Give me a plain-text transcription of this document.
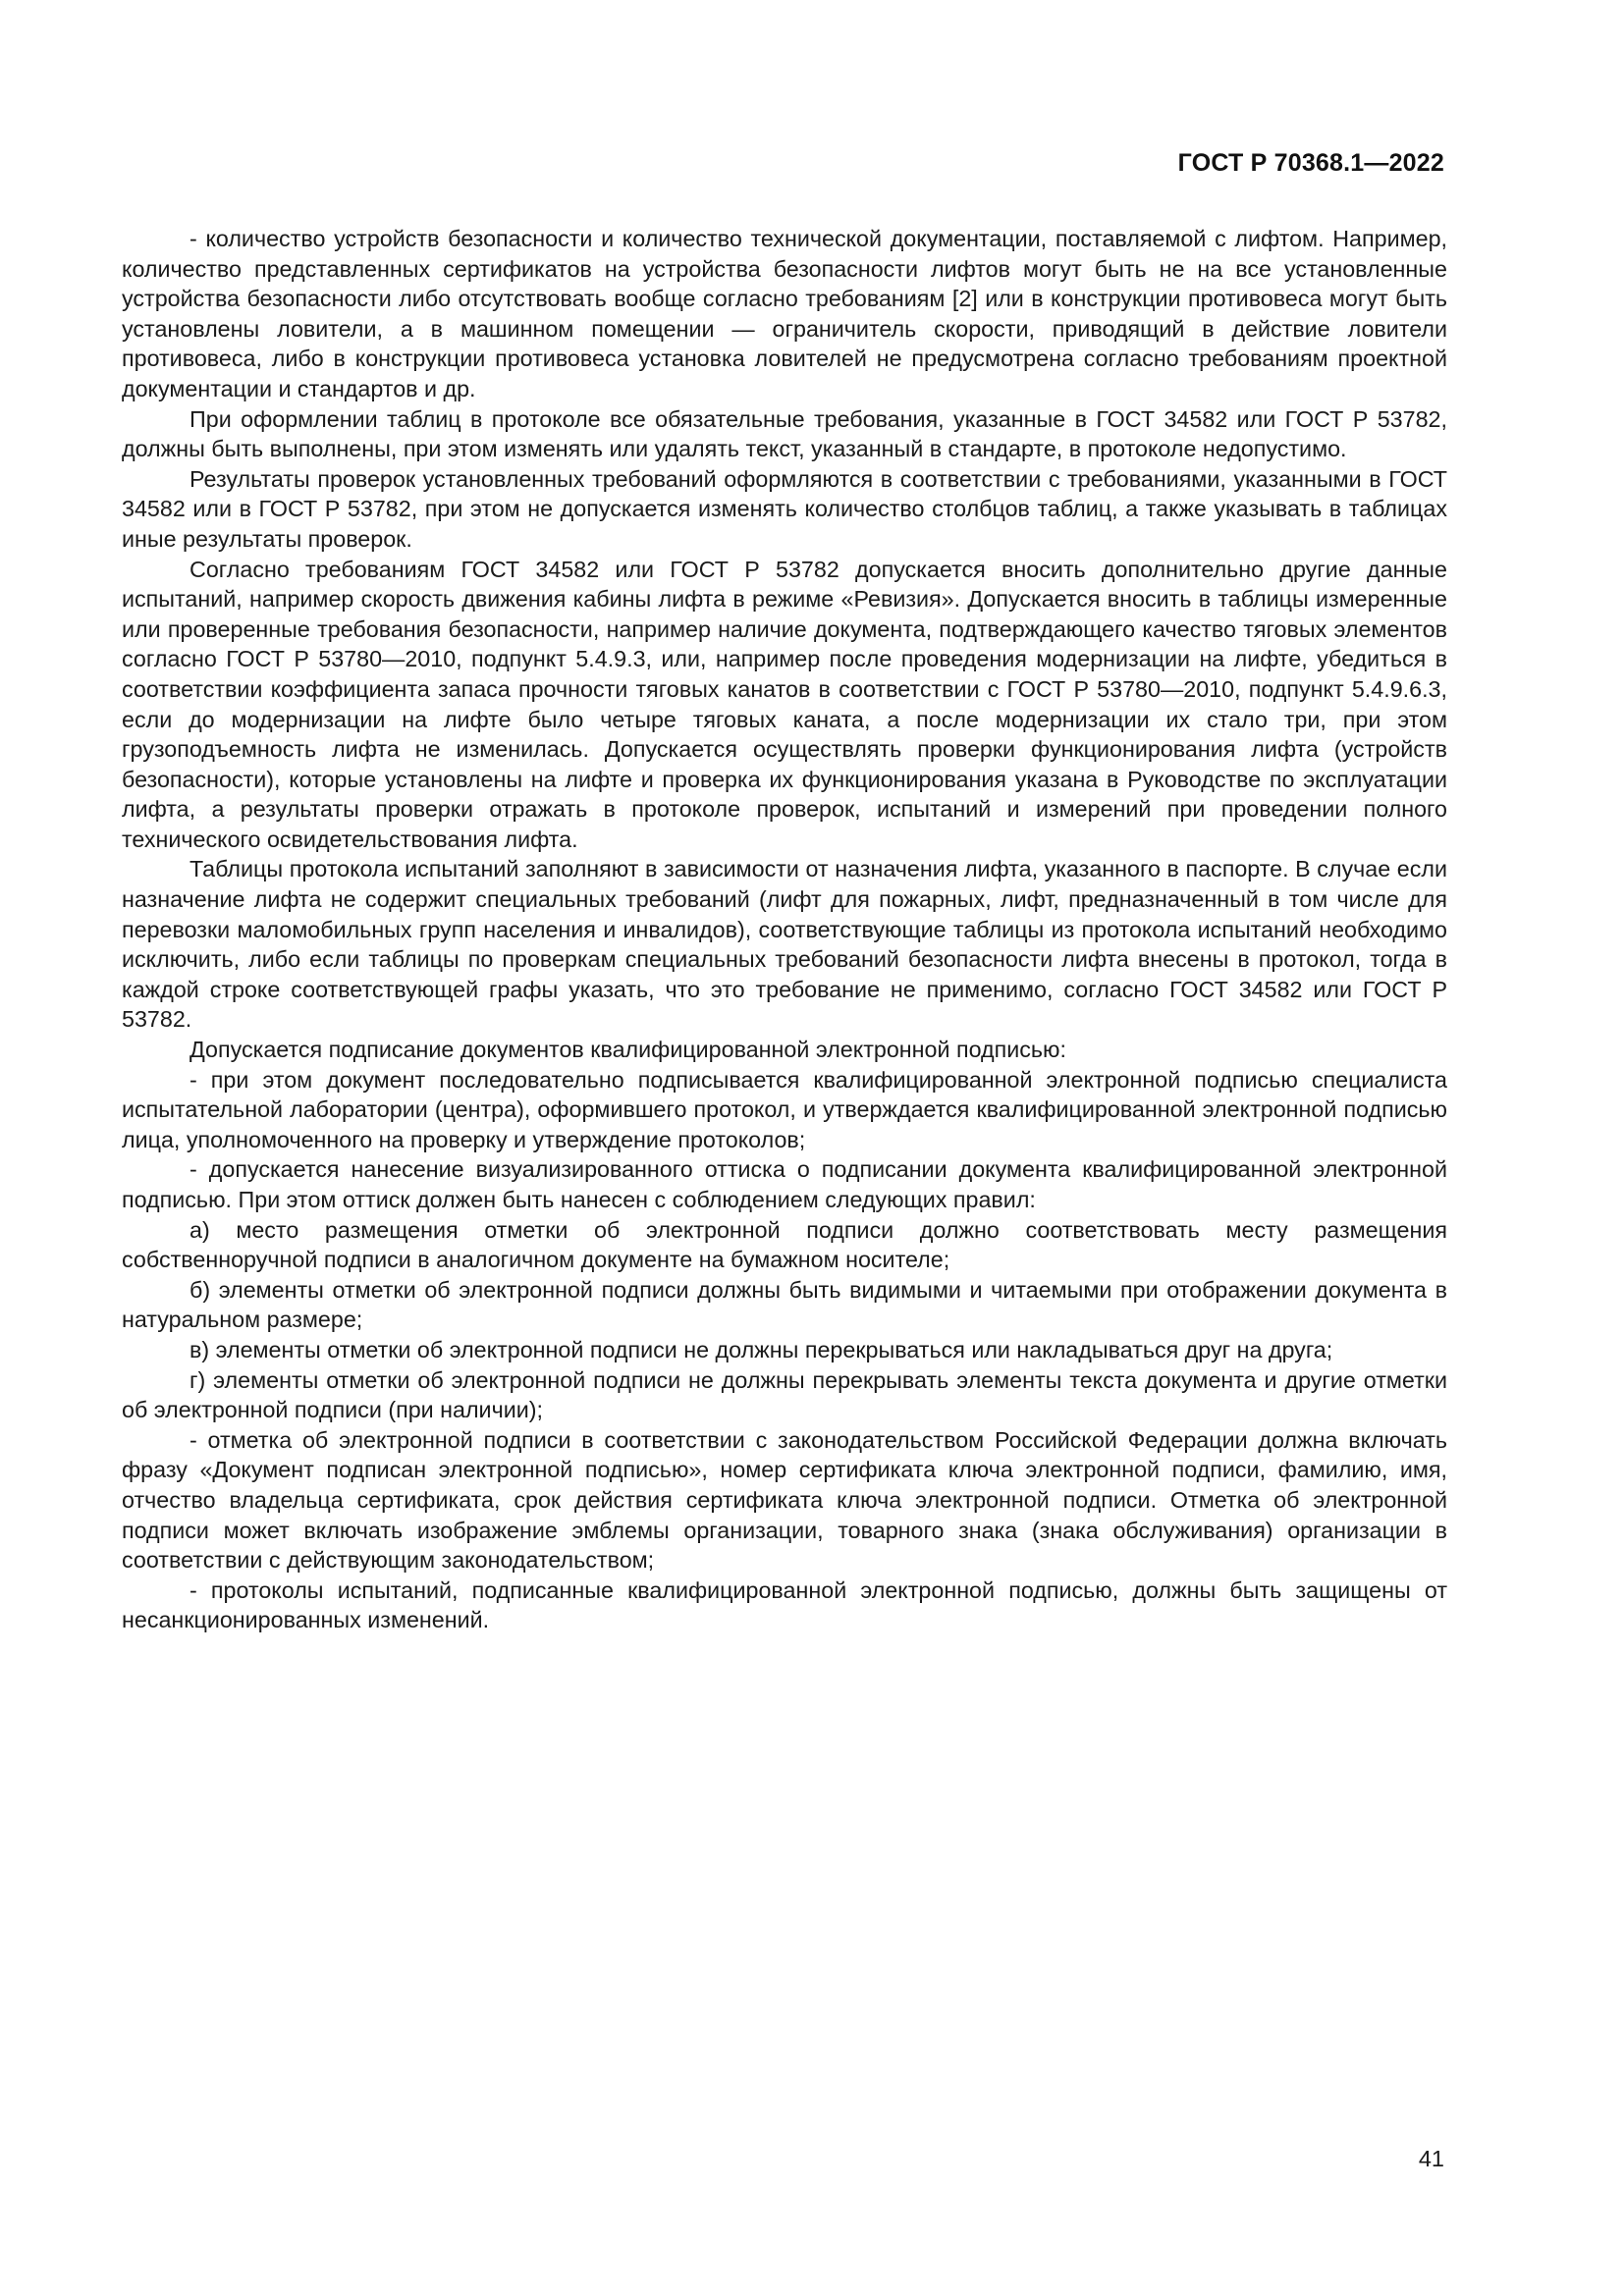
ГОСТ Р 70368.1—2022

- количество устройств безопасности и количество технической документации, поставляемой с лифтом. Например, количество представленных сертификатов на устройства безопасности лифтов могут быть не на все установленные устройства безопасности либо отсутствовать вообще согласно требованиям [2] или в конструкции противовеса могут быть установлены ловители, а в машинном помещении — ограничитель скорости, приводящий в действие ловители противовеса, либо в конструкции противовеса установка ловителей не предусмотрена согласно требованиям проектной документации и стандартов и др.

При оформлении таблиц в протоколе все обязательные требования, указанные в ГОСТ 34582 или ГОСТ Р 53782, должны быть выполнены, при этом изменять или удалять текст, указанный в стандарте, в протоколе недопустимо.

Результаты проверок установленных требований оформляются в соответствии с требованиями, указанными в ГОСТ 34582 или в ГОСТ Р 53782, при этом не допускается изменять количество столбцов таблиц, а также указывать в таблицах иные результаты проверок.

Согласно требованиям ГОСТ 34582 или ГОСТ Р 53782 допускается вносить дополнительно другие данные испытаний, например скорость движения кабины лифта в режиме «Ревизия». Допускается вносить в таблицы измеренные или проверенные требования безопасности, например наличие документа, подтверждающего качество тяговых элементов согласно ГОСТ Р 53780—2010, подпункт 5.4.9.3, или, например после проведения модернизации на лифте, убедиться в соответствии коэффициента запаса прочности тяговых канатов в соответствии с ГОСТ Р 53780—2010, подпункт 5.4.9.6.3, если до модернизации на лифте было четыре тяговых каната, а после модернизации их стало три, при этом грузоподъемность лифта не изменилась. Допускается осуществлять проверки функционирования лифта (устройств безопасности), которые установлены на лифте и проверка их функционирования указана в Руководстве по эксплуатации лифта, а результаты проверки отражать в протоколе проверок, испытаний и измерений при проведении полного технического освидетельствования лифта.

Таблицы протокола испытаний заполняют в зависимости от назначения лифта, указанного в паспорте. В случае если назначение лифта не содержит специальных требований (лифт для пожарных, лифт, предназначенный в том числе для перевозки маломобильных групп населения и инвалидов), соответствующие таблицы из протокола испытаний необходимо исключить, либо если таблицы по проверкам специальных требований безопасности лифта внесены в протокол, тогда в каждой строке соответствующей графы указать, что это требование не применимо, согласно ГОСТ 34582 или ГОСТ Р 53782.

Допускается подписание документов квалифицированной электронной подписью:

- при этом документ последовательно подписывается квалифицированной электронной подписью специалиста испытательной лаборатории (центра), оформившего протокол, и утверждается квалифицированной электронной подписью лица, уполномоченного на проверку и утверждение протоколов;

- допускается нанесение визуализированного оттиска о подписании документа квалифицированной электронной подписью. При этом оттиск должен быть нанесен с соблюдением следующих правил:

а) место размещения отметки об электронной подписи должно соответствовать месту размещения собственноручной подписи в аналогичном документе на бумажном носителе;

б) элементы отметки об электронной подписи должны быть видимыми и читаемыми при отображении документа в натуральном размере;

в) элементы отметки об электронной подписи не должны перекрываться или накладываться друг на друга;

г) элементы отметки об электронной подписи не должны перекрывать элементы текста документа и другие отметки об электронной подписи (при наличии);

- отметка об электронной подписи в соответствии с законодательством Российской Федерации должна включать фразу «Документ подписан электронной подписью», номер сертификата ключа электронной подписи, фамилию, имя, отчество владельца сертификата, срок действия сертификата ключа электронной подписи. Отметка об электронной подписи может включать изображение эмблемы организации, товарного знака (знака обслуживания) организации в соответствии с действующим законодательством;

- протоколы испытаний, подписанные квалифицированной электронной подписью, должны быть защищены от несанкционированных изменений.

41
